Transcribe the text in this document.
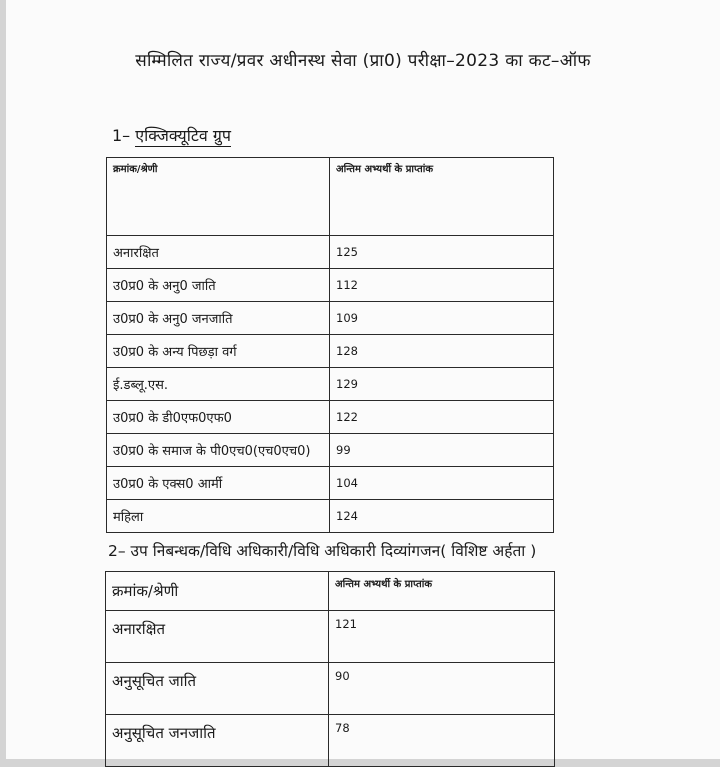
सम्मिलित राज्य/प्रवर अधीनस्थ सेवा (प्रा0) परीक्षा–2023 का कट–ऑफ
1– एक्जिक्यूटिव ग्रुप
क्रमांक/श्रेणी	अन्तिम अभ्यर्थी के प्राप्तांक
अनारक्षित	125
उ0प्र0 के अनु0 जाति	112
उ0प्र0 के अनु0 जनजाति	109
उ0प्र0 के अन्य पिछड़ा वर्ग	128
ई.डब्लू.एस.	129
उ0प्र0 के डी0एफ0एफ0	122
उ0प्र0 के समाज के पी0एच0(एच0एच0)	99
उ0प्र0 के एक्स0 आर्मी	104
महिला	124
2– उप निबन्धक/विधि अधिकारी/विधि अधिकारी दिव्यांगजन( विशिष्ट अर्हता )
क्रमांक/श्रेणी	अन्तिम अभ्यर्थी के प्राप्तांक
अनारक्षित	121
अनुसूचित जाति	90
अनुसूचित जनजाति	78
